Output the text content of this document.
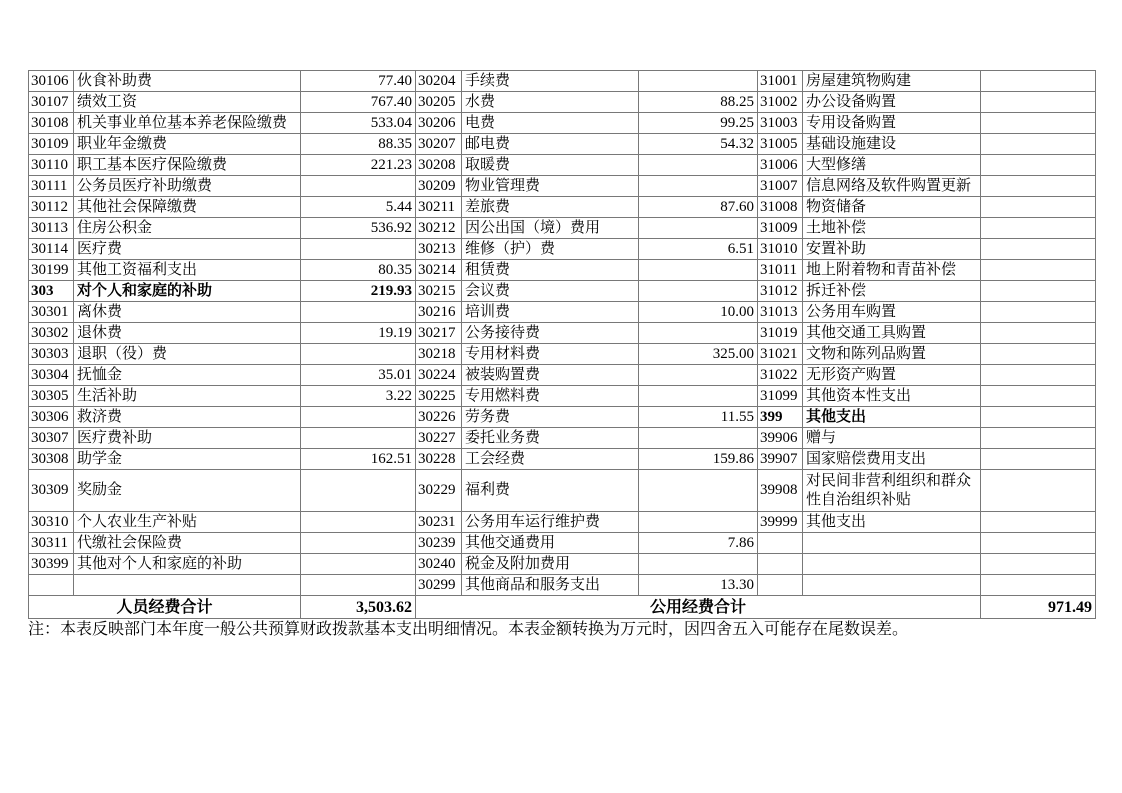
30106	伙食补助费	77.40	30204	手续费		31001	房屋建筑物购建	
30107	绩效工资	767.40	30205	水费	88.25	31002	办公设备购置	
30108	机关事业单位基本养老保险缴费	533.04	30206	电费	99.25	31003	专用设备购置	
30109	职业年金缴费	88.35	30207	邮电费	54.32	31005	基础设施建设	
30110	职工基本医疗保险缴费	221.23	30208	取暖费		31006	大型修缮	
30111	公务员医疗补助缴费		30209	物业管理费		31007	信息网络及软件购置更新	
30112	其他社会保障缴费	5.44	30211	差旅费	87.60	31008	物资储备	
30113	住房公积金	536.92	30212	因公出国（境）费用		31009	土地补偿	
30114	医疗费		30213	维修（护）费	6.51	31010	安置补助	
30199	其他工资福利支出	80.35	30214	租赁费		31011	地上附着物和青苗补偿	
303	对个人和家庭的补助	219.93	30215	会议费		31012	拆迁补偿	
30301	离休费		30216	培训费	10.00	31013	公务用车购置	
30302	退休费	19.19	30217	公务接待费		31019	其他交通工具购置	
30303	退职（役）费		30218	专用材料费	325.00	31021	文物和陈列品购置	
30304	抚恤金	35.01	30224	被装购置费		31022	无形资产购置	
30305	生活补助	3.22	30225	专用燃料费		31099	其他资本性支出	
30306	救济费		30226	劳务费	11.55	399	其他支出	
30307	医疗费补助		30227	委托业务费		39906	赠与	
30308	助学金	162.51	30228	工会经费	159.86	39907	国家赔偿费用支出	
30309	奖励金		30229	福利费		39908	对民间非营利组织和群众性自治组织补贴	
30310	个人农业生产补贴		30231	公务用车运行维护费		39999	其他支出	
30311	代缴社会保险费		30239	其他交通费用	7.86			
30399	其他对个人和家庭的补助		30240	税金及附加费用				
			30299	其他商品和服务支出	13.30			
人员经费合计		3,503.62	公用经费合计					971.49
注：本表反映部门本年度一般公共预算财政拨款基本支出明细情况。本表金额转换为万元时，因四舍五入可能存在尾数误差。
